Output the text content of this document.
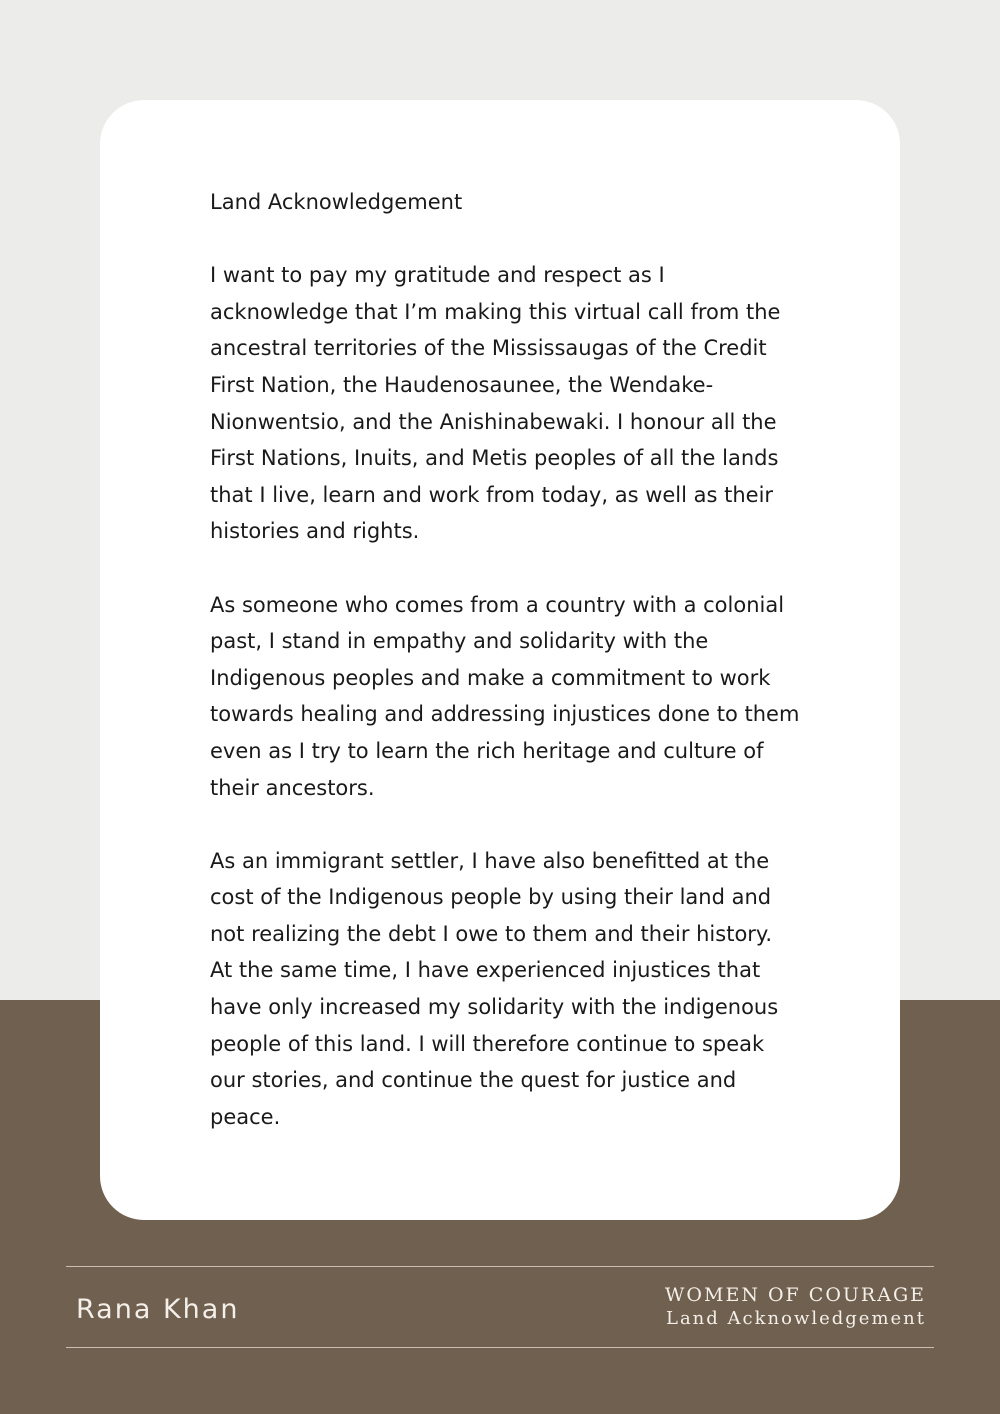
Land Acknowledgement

I want to pay my gratitude and respect as I acknowledge that I’m making this virtual call from the ancestral territories of the Mississaugas of the Credit First Nation, the Haudenosaunee, the Wendake- Nionwentsio, and the Anishinabewaki. I honour all the First Nations, Inuits, and Metis peoples of all the lands that I live, learn and work from today, as well as their histories and rights.

As someone who comes from a country with a colonial past, I stand in empathy and solidarity with the Indigenous peoples and make a commitment to work towards healing and addressing injustices done to them even as I try to learn the rich heritage and culture of their ancestors.

As an immigrant settler, I have also benefitted at the cost of the Indigenous people by using their land and not realizing the debt I owe to them and their history. At the same time, I have experienced injustices that have only increased my solidarity with the indigenous people of this land. I will therefore continue to speak our stories, and continue the quest for justice and peace.

Rana Khan	WOMEN OF COURAGE
Land Acknowledgement
